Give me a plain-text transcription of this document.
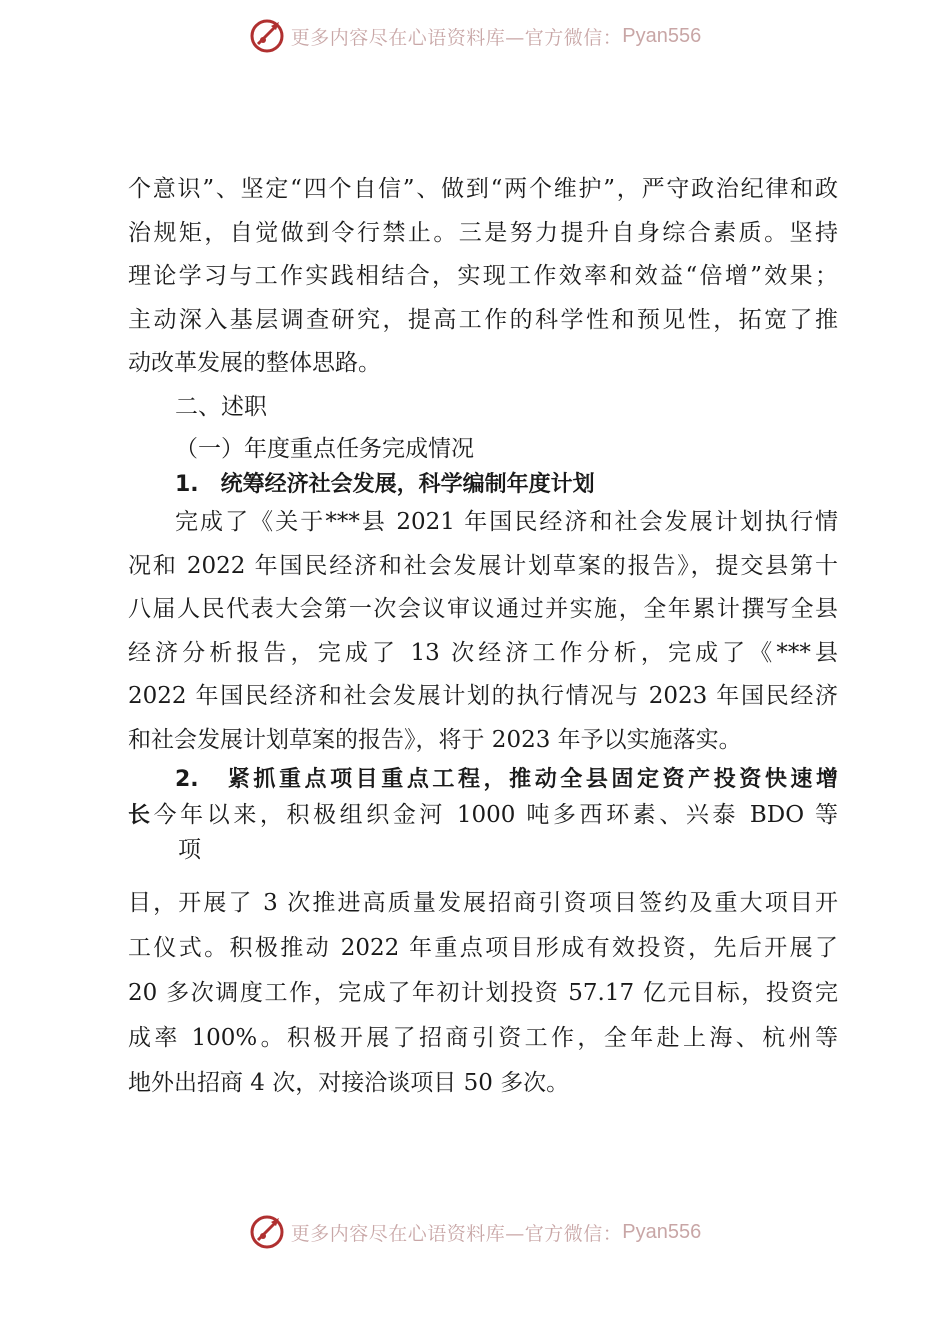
更多内容尽在心语资料库—官方微信： Pyan556

个意识”、坚定“四个自信”、做到“两个维护”，严守政治纪律和政

治规矩，自觉做到令行禁止。三是努力提升自身综合素质。坚持

理论学习与工作实践相结合，实现工作效率和效益“倍增”效果；

主动深入基层调查研究，提高工作的科学性和预见性，拓宽了推

动改革发展的整体思路。

二、述职

（一）年度重点任务完成情况

1.　统筹经济社会发展，科学编制年度计划

完成了《关于***县 2021 年国民经济和社会发展计划执行情

况和 2022 年国民经济和社会发展计划草案的报告》，提交县第十

八届人民代表大会第一次会议审议通过并实施，全年累计撰写全县

经济分析报告，完成了 13 次经济工作分析，完成了《***县

2022 年国民经济和社会发展计划的执行情况与 2023 年国民经济

和社会发展计划草案的报告》，将于 2023 年予以实施落实。

2.　紧抓重点项目重点工程，推动全县固定资产投资快速增

长今年以来，积极组织金河 1000 吨多西环素、兴泰 BDO 等

项

目，开展了 3 次推进高质量发展招商引资项目签约及重大项目开

工仪式。积极推动 2022 年重点项目形成有效投资，先后开展了

20 多次调度工作，完成了年初计划投资 57.17 亿元目标，投资完

成率 100%。积极开展了招商引资工作，全年赴上海、杭州等

地外出招商 4 次，对接洽谈项目 50 多次。

更多内容尽在心语资料库—官方微信： Pyan556
